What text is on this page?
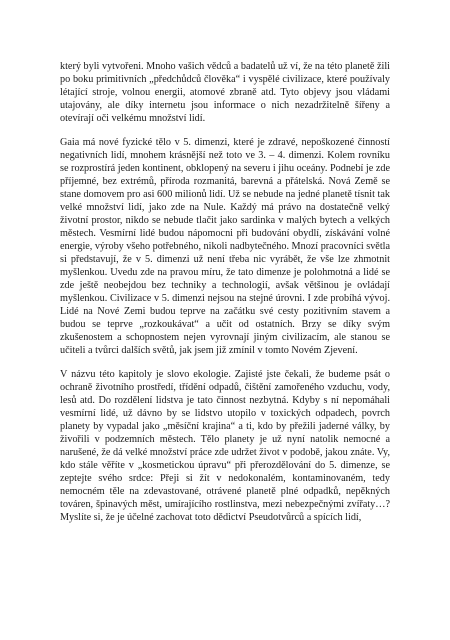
který byli vytvořeni. Mnoho vašich vědců a badatelů už ví, že na této planetě žili po boku primitivních „předchůdců člověka“ i vyspělé civilizace, které používaly létající stroje, volnou energii, atomové zbraně atd. Tyto objevy jsou vládami utajovány, ale díky internetu jsou informace o nich nezadržitelně šířeny a otevírají oči velkému množství lidí.

Gaia má nové fyzické tělo v 5. dimenzi, které je zdravé, nepoškozené činností negativních lidí, mnohem krásnější než toto ve 3. – 4. dimenzi. Kolem rovníku se rozprostírá jeden kontinent, obklopený na severu i jihu oceány. Podnebí je zde příjemné, bez extrémů, příroda rozmanitá, barevná a přátelská. Nová Země se stane domovem pro asi 600 milionů lidí. Už se nebude na jedné planetě tísnit tak velké množství lidí, jako zde na Nule. Každý má právo na dostatečně velký životní prostor, nikdo se nebude tlačit jako sardinka v malých bytech a velkých městech. Vesmírní lidé budou nápomocni při budování obydlí, získávání volné energie, výroby všeho potřebného, nikoli nadbytečného. Mnozí pracovníci světla si představují, že v 5. dimenzi už není třeba nic vyrábět, že vše lze zhmotnit myšlenkou. Uvedu zde na pravou míru, že tato dimenze je polohmotná a lidé se zde ještě neobejdou bez techniky a technologií, avšak většinou je ovládají myšlenkou. Civilizace v 5. dimenzi nejsou na stejné úrovni. I zde probíhá vývoj. Lidé na Nové Zemi budou teprve na začátku své cesty pozitivním stavem a budou se teprve „rozkoukávat“ a učit od ostatních. Brzy se díky svým zkušenostem a schopnostem nejen vyrovnají jiným civilizacím, ale stanou se učiteli a tvůrci dalších světů, jak jsem již zmínil v tomto Novém Zjevení.

V názvu této kapitoly je slovo ekologie. Zajisté jste čekali, že budeme psát o ochraně životního prostředí, třídění odpadů, čištění zamořeného vzduchu, vody, lesů atd. Do rozdělení lidstva je tato činnost nezbytná. Kdyby s ní nepomáhali vesmírní lidé, už dávno by se lidstvo utopilo v toxických odpadech, povrch planety by vypadal jako „měsíční krajina“ a ti, kdo by přežili jaderné války, by živořili v podzemních městech. Tělo planety je už nyní natolik nemocné a narušené, že dá velké množství práce zde udržet život v podobě, jakou znáte. Vy, kdo stále věříte v „kosmetickou úpravu“ při přerozdělování do 5. dimenze, se zeptejte svého srdce: Přeji si žít v nedokonalém, kontaminovaném, tedy nemocném těle na zdevastované, otrávené planetě plné odpadků, nepěkných továren, špinavých měst, umírajícího rostlinstva, mezi nebezpečnými zvířaty…? Myslíte si, že je účelné zachovat toto dědictví Pseudotvůrců a spících lidí,
